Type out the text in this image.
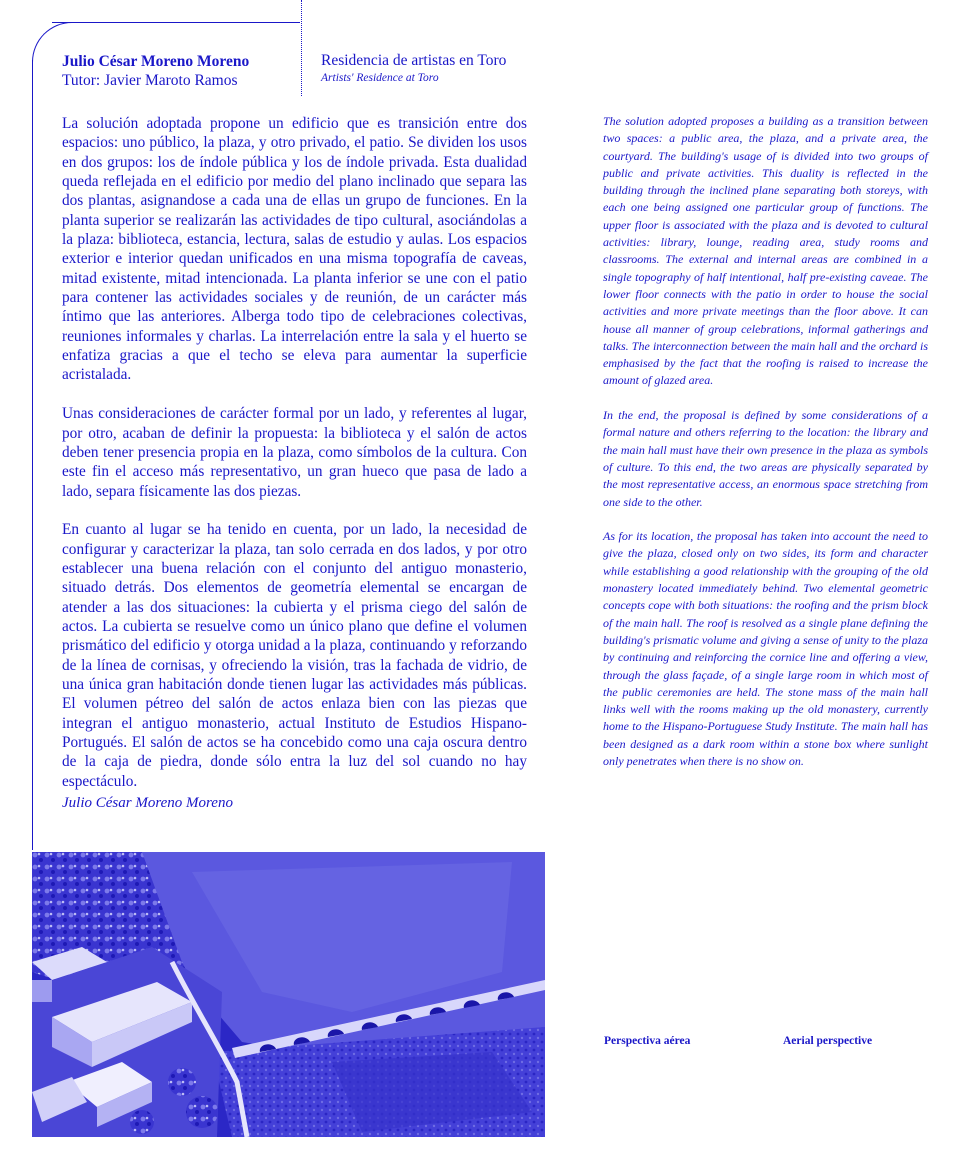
Julio César Moreno Moreno
Tutor: Javier Maroto Ramos
Residencia de artistas en Toro
Artists' Residence at Toro

La solución adoptada propone un edificio que es transición entre dos espacios: uno público, la plaza, y otro privado, el patio. Se dividen los usos en dos grupos: los de índole pública y los de índole privada. Esta dualidad queda reflejada en el edificio por medio del plano inclinado que separa las dos plantas, asignandose a cada una de ellas un grupo de funciones. En la planta superior se realizarán las actividades de tipo cultural, asociándolas a la plaza: biblioteca, estancia, lectura, salas de estudio y aulas. Los espacios exterior e interior quedan unificados en una misma topografía de caveas, mitad existente, mitad intencionada. La planta inferior se une con el patio para contener las actividades sociales y de reunión, de un carácter más íntimo que las anteriores. Alberga todo tipo de celebraciones colectivas, reuniones informales y charlas. La interrelación entre la sala y el huerto se enfatiza gracias a que el techo se eleva para aumentar la superficie acristalada.

Unas consideraciones de carácter formal por un lado, y referentes al lugar, por otro, acaban de definir la propuesta: la biblioteca y el salón de actos deben tener presencia propia en la plaza, como símbolos de la cultura. Con este fin el acceso más representativo, un gran hueco que pasa de lado a lado, separa físicamente las dos piezas.

En cuanto al lugar se ha tenido en cuenta, por un lado, la necesidad de configurar y caracterizar la plaza, tan solo cerrada en dos lados, y por otro establecer una buena relación con el conjunto del antiguo monasterio, situado detrás. Dos elementos de geometría elemental se encargan de atender a las dos situaciones: la cubierta y el prisma ciego del salón de actos. La cubierta se resuelve como un único plano que define el volumen prismático del edificio y otorga unidad a la plaza, continuando y reforzando de la línea de cornisas, y ofreciendo la visión, tras la fachada de vidrio, de una única gran habitación donde tienen lugar las actividades más públicas. El volumen pétreo del salón de actos enlaza bien con las piezas que integran el antiguo monasterio, actual Instituto de Estudios Hispano-Portugués. El salón de actos se ha concebido como una caja oscura dentro de la caja de piedra, donde sólo entra la luz del sol cuando no hay espectáculo.

Julio César Moreno Moreno

The solution adopted proposes a building as a transition between two spaces: a public area, the plaza, and a private area, the courtyard. The building's usage of is divided into two groups of public and private activities. This duality is reflected in the building through the inclined plane separating both storeys, with each one being assigned one particular group of functions. The upper floor is associated with the plaza and is devoted to cultural activities: library, lounge, reading area, study rooms and classrooms. The external and internal areas are combined in a single topography of half intentional, half pre-existing caveae. The lower floor connects with the patio in order to house the social activities and more private meetings than the floor above. It can house all manner of group celebrations, informal gatherings and talks. The interconnection between the main hall and the orchard is emphasised by the fact that the roofing is raised to increase the amount of glazed area.

In the end, the proposal is defined by some considerations of a formal nature and others referring to the location: the library and the main hall must have their own presence in the plaza as symbols of culture. To this end, the two areas are physically separated by the most representative access, an enormous space stretching from one side to the other.

As for its location, the proposal has taken into account the need to give the plaza, closed only on two sides, its form and character while establishing a good relationship with the grouping of the old monastery located immediately behind. Two elemental geometric concepts cope with both situations: the roofing and the prism block of the main hall. The roof is resolved as a single plane defining the building's prismatic volume and giving a sense of unity to the plaza by continuing and reinforcing the cornice line and offering a view, through the glass façade, of a single large room in which most of the public ceremonies are held. The stone mass of the main hall links well with the rooms making up the old monastery, currently home to the Hispano-Portuguese Study Institute. The main hall has been designed as a dark room within a stone box where sunlight only penetrates when there is no show on.

Perspectiva aérea	Aerial perspective
